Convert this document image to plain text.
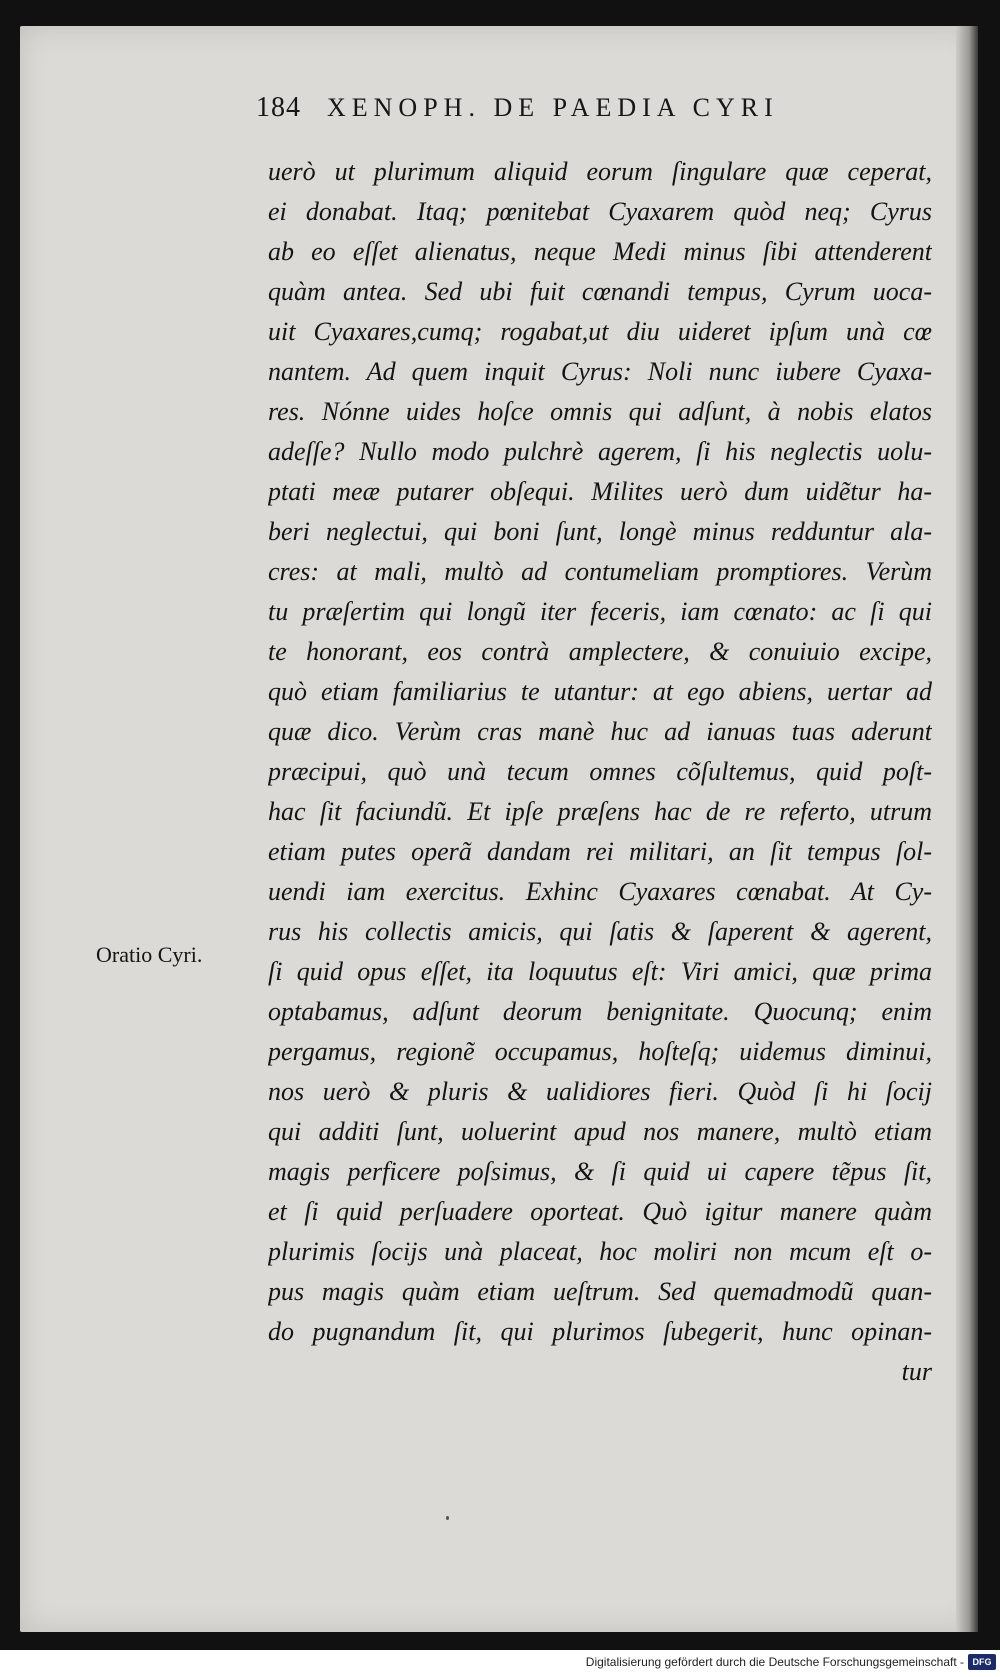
184 XENOPH. DE PAEDIA CYRI
Oratio Cyri.
uerò ut plurimum aliquid eorum ſingulare quæ ceperat,
ei donabat. Itaq; pœnitebat Cyaxarem quòd neq; Cyrus
ab eo eſſet alienatus, neque Medi minus ſibi attenderent
quàm antea. Sed ubi fuit cœnandi tempus, Cyrum uoca-
uit Cyaxares,cumq; rogabat,ut diu uideret ipſum unà cœ
nantem. Ad quem inquit Cyrus: Noli nunc iubere Cyaxa-
res. Nónne uides hoſce omnis qui adſunt, à nobis elatos
adeſſe? Nullo modo pulchrè agerem, ſi his neglectis uolu-
ptati meæ putarer obſequi. Milites uerò dum uidẽtur ha-
beri neglectui, qui boni ſunt, longè minus redduntur ala-
cres: at mali, multò ad contumeliam promptiores. Verùm
tu præſertim qui longũ iter feceris, iam cœnato: ac ſi qui
te honorant, eos contrà amplectere, & conuiuio excipe,
quò etiam familiarius te utantur: at ego abiens, uertar ad
quæ dico. Verùm cras manè huc ad ianuas tuas aderunt
præcipui, quò unà tecum omnes cõſultemus, quid poſt-
hac ſit faciundũ. Et ipſe præſens hac de re referto, utrum
etiam putes operã dandam rei militari, an ſit tempus ſol-
uendi iam exercitus. Exhinc Cyaxares cœnabat. At Cy-
rus his collectis amicis, qui ſatis & ſaperent & agerent,
ſi quid opus eſſet, ita loquutus eſt: Viri amici, quæ prima
optabamus, adſunt deorum benignitate. Quocunq; enim
pergamus, regionẽ occupamus, hoſteſq; uidemus diminui,
nos uerò & pluris & ualidiores fieri. Quòd ſi hi ſocij
qui additi ſunt, uoluerint apud nos manere, multò etiam
magis perficere poſsimus, & ſi quid ui capere tẽpus ſit,
et ſi quid perſuadere oporteat. Quò igitur manere quàm
plurimis ſocijs unà placeat, hoc moliri non mcum eſt o-
pus magis quàm etiam ueſtrum. Sed quemadmodũ quan-
do pugnandum ſit, qui plurimos ſubegerit, hunc opinan-
tur
Digitalisierung gefördert durch die Deutsche Forschungsgemeinschaft - DFG
